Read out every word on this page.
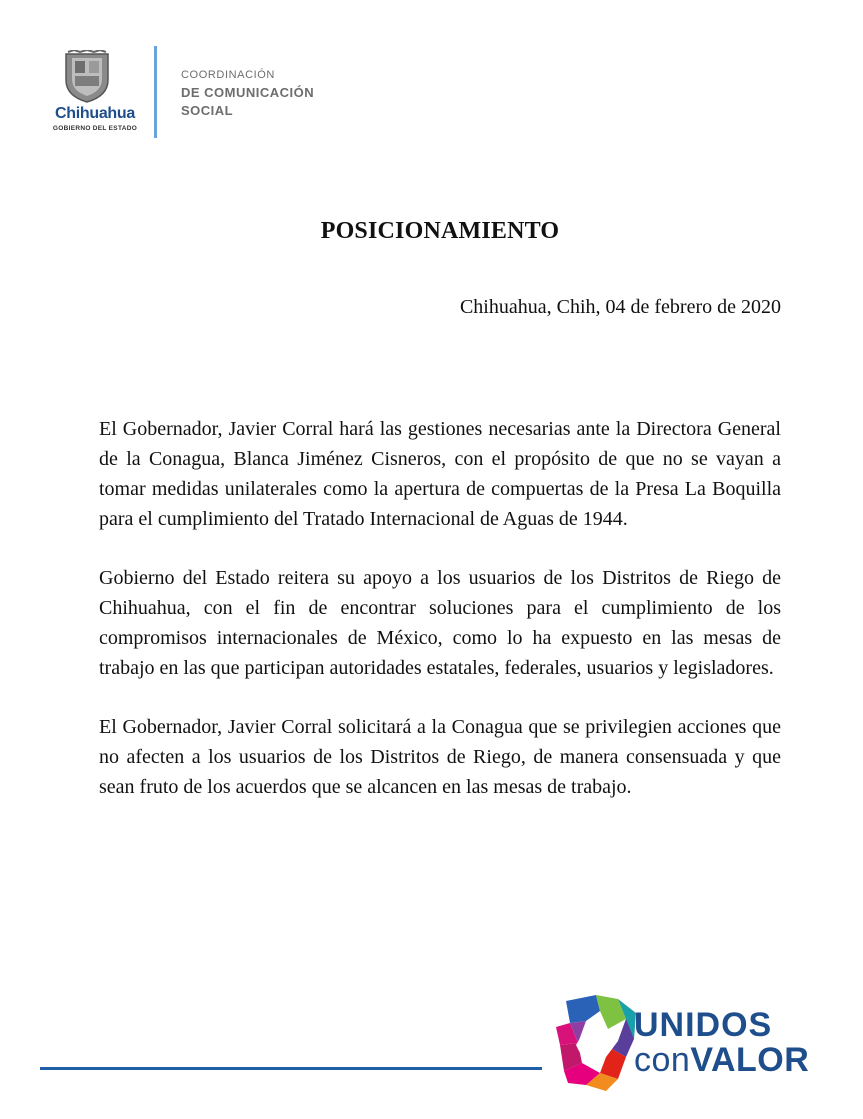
Chihuahua
GOBIERNO DEL ESTADO
COORDINACIÓN
DE COMUNICACIÓN
SOCIAL
POSICIONAMIENTO
Chihuahua, Chih, 04 de febrero de 2020

El Gobernador, Javier Corral hará las gestiones necesarias ante la Directora General de la Conagua, Blanca Jiménez Cisneros, con el propósito de que no se vayan a tomar medidas unilaterales como la apertura de compuertas de la Presa La Boquilla para el cumplimiento del Tratado Internacional de Aguas de 1944.

Gobierno del Estado reitera su apoyo a los usuarios de los Distritos de Riego de Chihuahua, con el fin de encontrar soluciones para el cumplimiento de los compromisos internacionales de México, como lo ha expuesto en las mesas de trabajo en las que participan autoridades estatales, federales, usuarios y legisladores.

El Gobernador, Javier Corral solicitará a la Conagua que se privilegien acciones que no afecten a los usuarios de los Distritos de Riego, de manera consensuada y que sean fruto de los acuerdos que se alcancen en las mesas de trabajo.

UNIDOS
conVALOR
